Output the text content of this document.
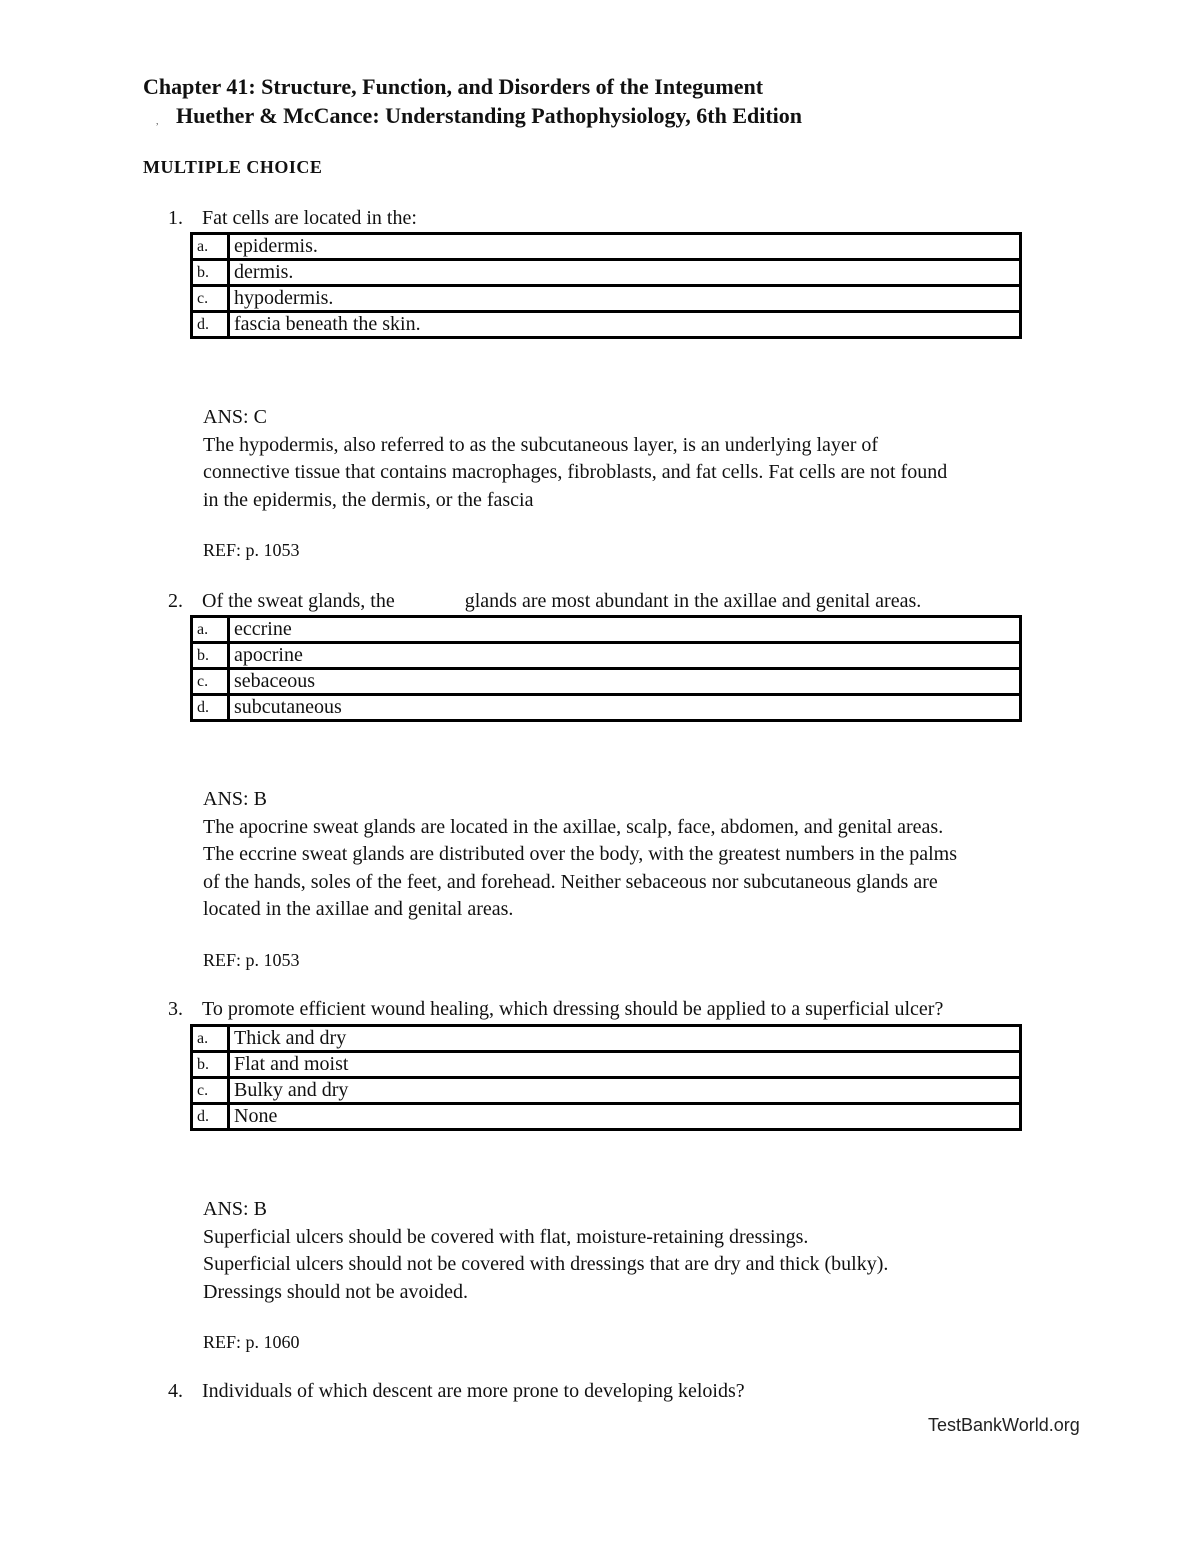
Chapter 41: Structure, Function, and Disorders of the Integument
, Huether & McCance: Understanding Pathophysiology, 6th Edition
MULTIPLE CHOICE
1. Fat cells are located in the:
a.	epidermis.
b.	dermis.
c.	hypodermis.
d.	fascia beneath the skin.
ANS: C
The hypodermis, also referred to as the subcutaneous layer, is an underlying layer of
connective tissue that contains macrophages, fibroblasts, and fat cells. Fat cells are not found
in the epidermis, the dermis, or the fascia
REF: p. 1053
2. Of the sweat glands, the	glands are most abundant in the axillae and genital areas.
a.	eccrine
b.	apocrine
c.	sebaceous
d.	subcutaneous
ANS: B
The apocrine sweat glands are located in the axillae, scalp, face, abdomen, and genital areas.
The eccrine sweat glands are distributed over the body, with the greatest numbers in the palms
of the hands, soles of the feet, and forehead. Neither sebaceous nor subcutaneous glands are
located in the axillae and genital areas.
REF: p. 1053
3. To promote efficient wound healing, which dressing should be applied to a superficial ulcer?
a.	Thick and dry
b.	Flat and moist
c.	Bulky and dry
d.	None
ANS: B
Superficial ulcers should be covered with flat, moisture-retaining dressings.
Superficial ulcers should not be covered with dressings that are dry and thick (bulky).
Dressings should not be avoided.
REF: p. 1060
4. Individuals of which descent are more prone to developing keloids?
TestBankWorld.org
